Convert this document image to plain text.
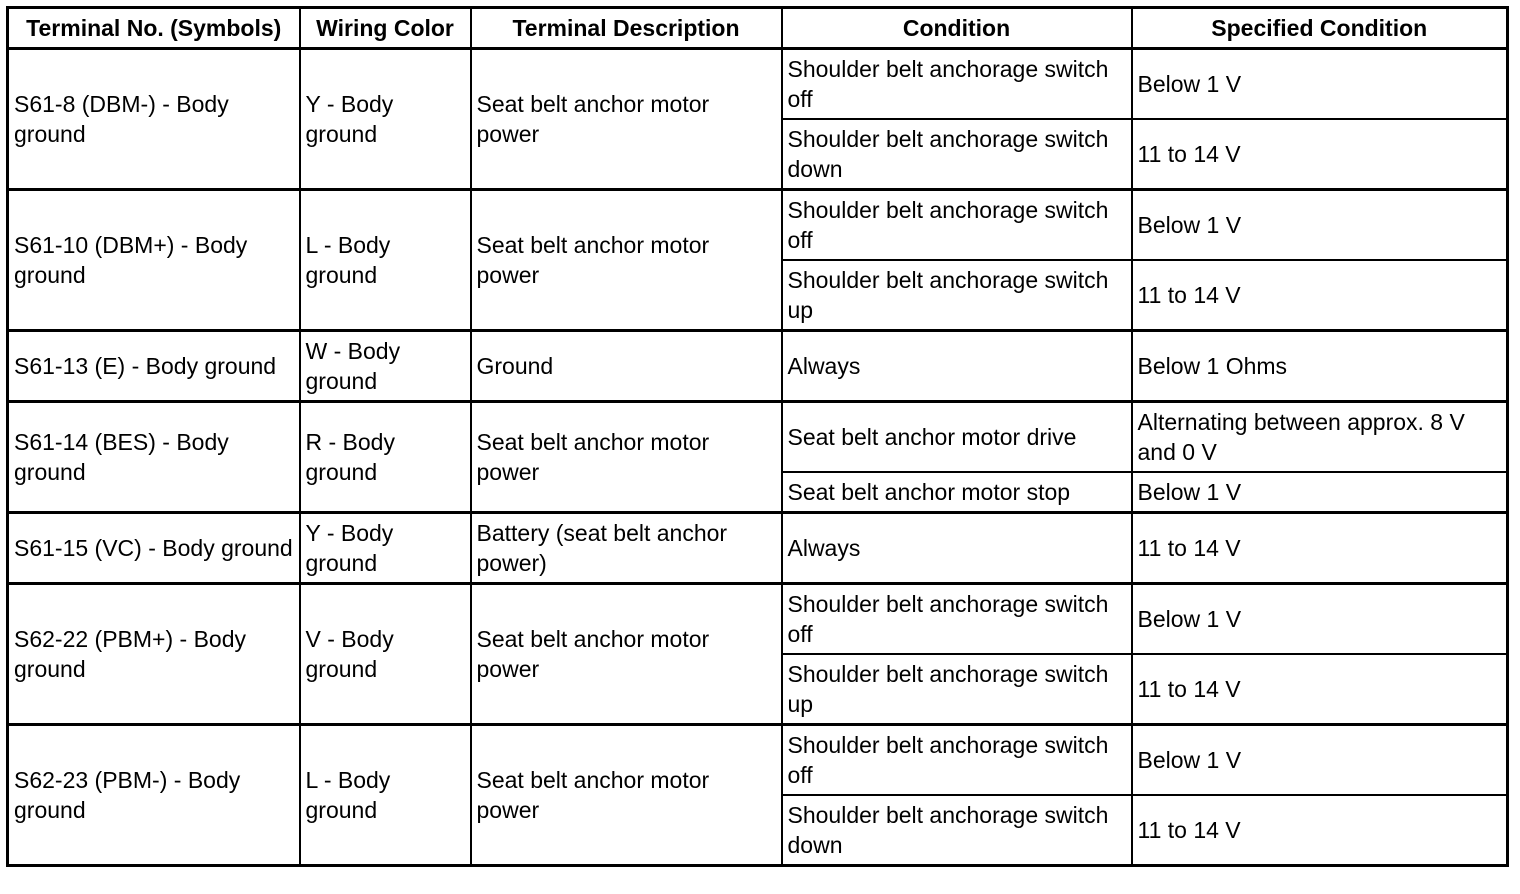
Terminal No. (Symbols)	Wiring Color	Terminal Description	Condition	Specified Condition
S61-8 (DBM-) - Body ground	Y - Body ground	Seat belt anchor motor power	Shoulder belt anchorage switch off	Below 1 V
			Shoulder belt anchorage switch down	11 to 14 V
S61-10 (DBM+) - Body ground	L - Body ground	Seat belt anchor motor power	Shoulder belt anchorage switch off	Below 1 V
			Shoulder belt anchorage switch up	11 to 14 V
S61-13 (E) - Body ground	W - Body ground	Ground	Always	Below 1 Ohms
S61-14 (BES) - Body ground	R - Body ground	Seat belt anchor motor power	Seat belt anchor motor drive	Alternating between approx. 8 V and 0 V
			Seat belt anchor motor stop	Below 1 V
S61-15 (VC) - Body ground	Y - Body ground	Battery (seat belt anchor power)	Always	11 to 14 V
S62-22 (PBM+) - Body ground	V - Body ground	Seat belt anchor motor power	Shoulder belt anchorage switch off	Below 1 V
			Shoulder belt anchorage switch up	11 to 14 V
S62-23 (PBM-) - Body ground	L - Body ground	Seat belt anchor motor power	Shoulder belt anchorage switch off	Below 1 V
			Shoulder belt anchorage switch down	11 to 14 V
